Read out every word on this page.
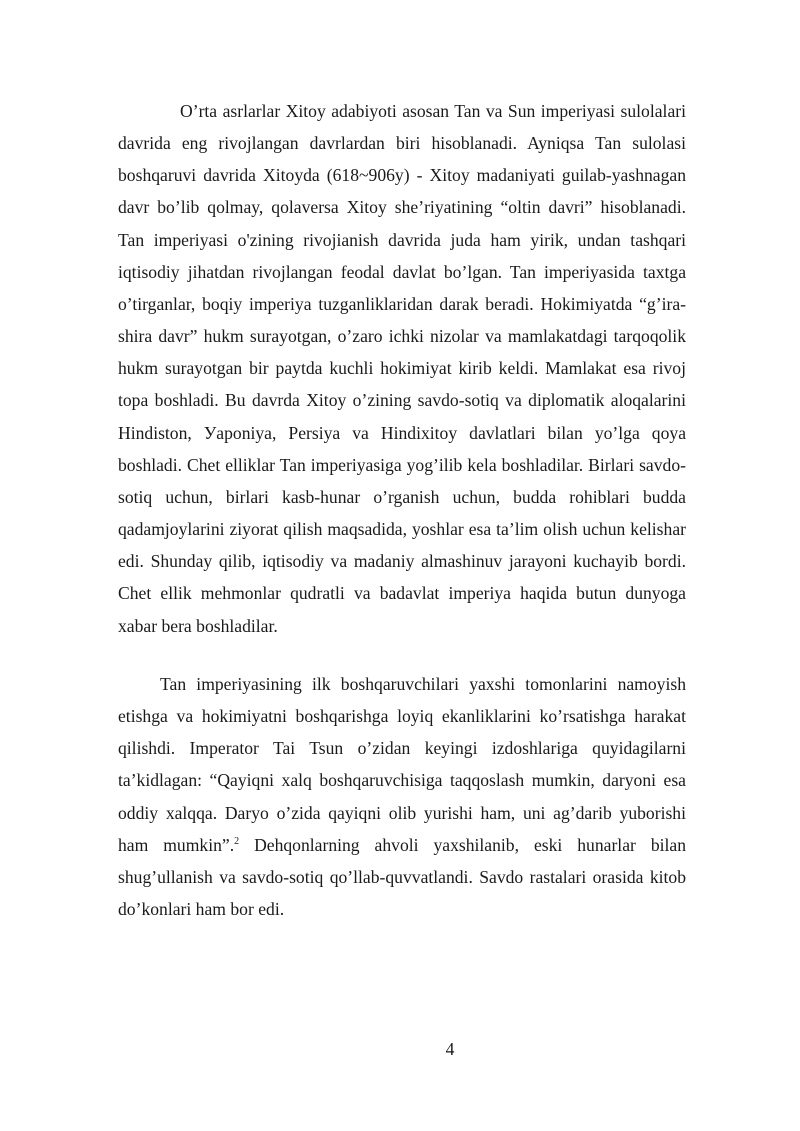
O’rta asrlarlar Xitoy adabiyoti asosan Tan va Sun imperiyasi sulolalari davrida eng rivojlangan davrlardan biri hisoblanadi. Ayniqsa Tan sulolasi boshqaruvi davrida Xitoyda (618~906y) - Xitoy madaniyati guilab-yashnagan davr bo’lib qolmay, qolaversa Xitoy she’riyatining “oltin davri” hisoblanadi. Tan imperiyasi o'zining rivojianish davrida juda ham yirik, undan tashqari iqtisodiy jihatdan rivojlangan feodal davlat bo’lgan. Tan imperiyasida taxtga o’tirganlar, boqiy imperiya tuzganliklaridan darak beradi. Hokimiyatda “g’ira-shira davr” hukm surayotgan, o’zaro ichki nizolar va mamlakatdagi tarqoqolik hukm surayotgan bir paytda kuchli hokimiyat kirib keldi. Mamlakat esa rivoj topa boshladi. Bu davrda Xitoy o’zining savdo-sotiq va diplomatik aloqalarini Hindiston, Уaponiya, Persiya va Hindixitoy davlatlari bilan yo’lga qoya boshladi. Chet elliklar Tan imperiyasiga yog’ilib kela boshladilar. Birlari savdo-sotiq uchun, birlari kasb-hunar o’rganish uchun, budda rohiblari budda qadamjoylarini ziyorat qilish maqsadida, yoshlar esa ta’lim olish uchun kelishar edi. Shunday qilib, iqtisodiy va madaniy almashinuv jarayoni kuchayib bordi. Chet ellik mehmonlar qudratli va badavlat imperiya haqida butun dunyoga xabar bera boshladilar.

Tan imperiyasining ilk boshqaruvchilari yaxshi tomonlarini namoyish etishga va hokimiyatni boshqarishga loyiq ekanliklarini ko’rsatishga harakat qilishdi. Imperator Tai Tsun o’zidan keyingi izdoshlariga quyidagilarni ta’kidlagan: “Qayiqni xalq boshqaruvchisiga taqqoslash mumkin, daryoni esa oddiy xalqqa. Daryo o’zida qayiqni olib yurishi ham, uni ag’darib yuborishi ham mumkin”.$^2$ Dehqonlarning ahvoli yaxshilanib, eski hunarlar bilan shug’ullanish va savdo-sotiq qo’llab-quvvatlandi. Savdo rastalari orasida kitob do’konlari ham bor edi.

4
